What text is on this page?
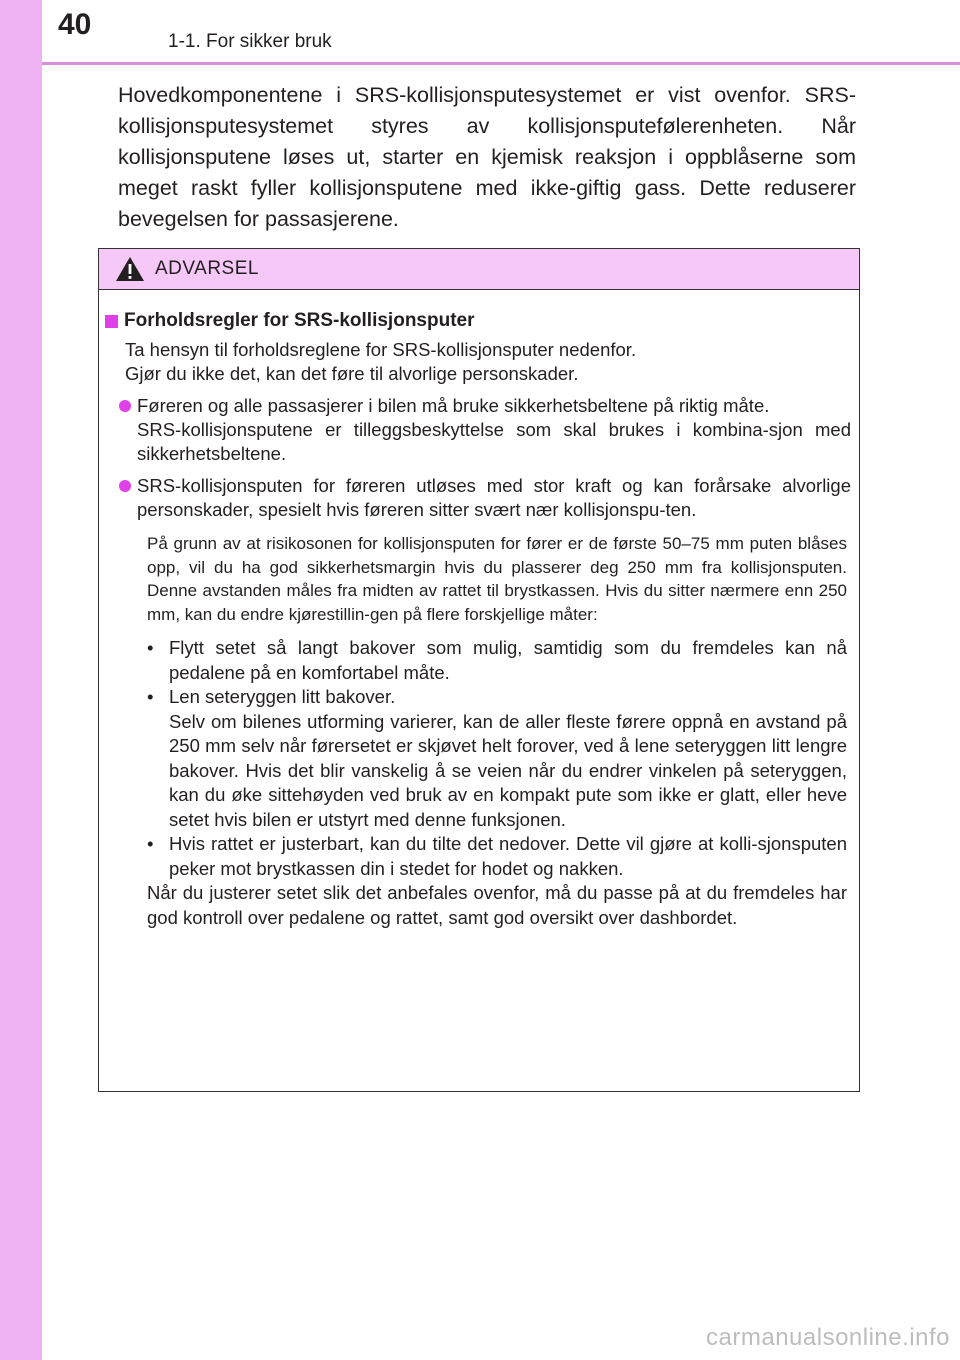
40
1-1. For sikker bruk

Hovedkomponentene i SRS-kollisjonsputesystemet er vist ovenfor. SRS-kollisjonsputesystemet styres av kollisjonsputefølerenheten. Når kollisjonsputene løses ut, starter en kjemisk reaksjon i oppblåserne som meget raskt fyller kollisjonsputene med ikke-giftig gass. Dette reduserer bevegelsen for passasjerene.

ADVARSEL
Forholdsregler for SRS-kollisjonsputer
Ta hensyn til forholdsreglene for SRS-kollisjonsputer nedenfor.
Gjør du ikke det, kan det føre til alvorlige personskader.
Føreren og alle passasjerer i bilen må bruke sikkerhetsbeltene på riktig måte.
SRS-kollisjonsputene er tilleggsbeskyttelse som skal brukes i kombina-sjon med sikkerhetsbeltene.
SRS-kollisjonsputen for føreren utløses med stor kraft og kan forårsake alvorlige personskader, spesielt hvis føreren sitter svært nær kollisjonspu-ten.
På grunn av at risikosonen for kollisjonsputen for fører er de første 50–75 mm puten blåses opp, vil du ha god sikkerhetsmargin hvis du plasserer deg 250 mm fra kollisjonsputen. Denne avstanden måles fra midten av rattet til brystkassen. Hvis du sitter nærmere enn 250 mm, kan du endre kjørestillin-gen på flere forskjellige måter:
• Flytt setet så langt bakover som mulig, samtidig som du fremdeles kan nå pedalene på en komfortabel måte.
• Len seteryggen litt bakover.
Selv om bilenes utforming varierer, kan de aller fleste førere oppnå en avstand på 250 mm selv når førersetet er skjøvet helt forover, ved å lene seteryggen litt lengre bakover. Hvis det blir vanskelig å se veien når du endrer vinkelen på seteryggen, kan du øke sittehøyden ved bruk av en kompakt pute som ikke er glatt, eller heve setet hvis bilen er utstyrt med denne funksjonen.
• Hvis rattet er justerbart, kan du tilte det nedover. Dette vil gjøre at kolli-sjonsputen peker mot brystkassen din i stedet for hodet og nakken.
Når du justerer setet slik det anbefales ovenfor, må du passe på at du fremdeles har god kontroll over pedalene og rattet, samt god oversikt over dashbordet.
carmanualsonline.info
